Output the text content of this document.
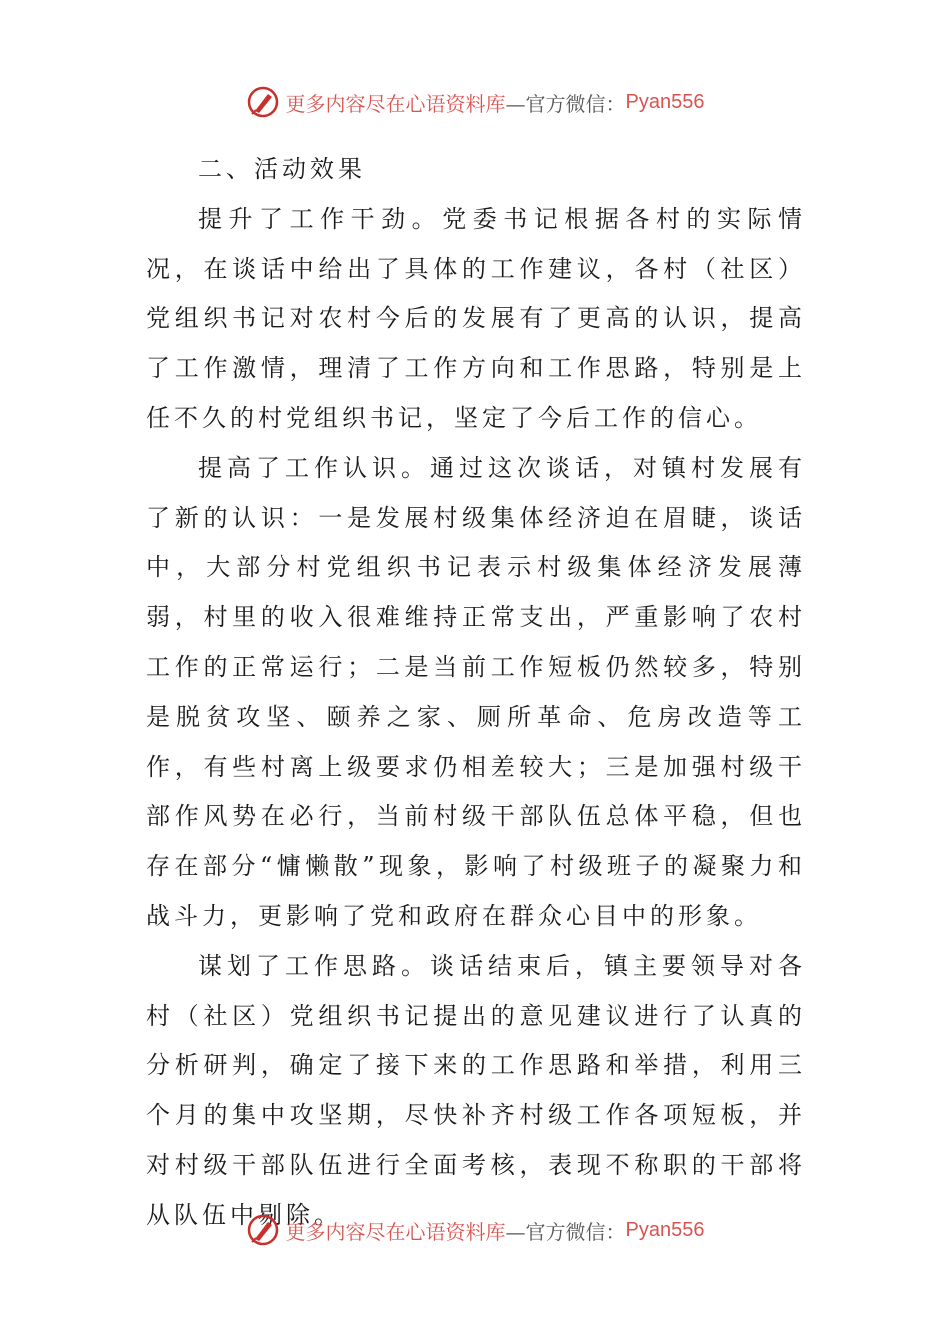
更多内容尽在心语资料库 —官方微信： Pyan556

二、活动效果

提升了工作干劲。党委书记根据各村的实际情况，在谈话中给出了具体的工作建议，各村（社区）党组织书记对农村今后的发展有了更高的认识，提高了工作激情，理清了工作方向和工作思路，特别是上任不久的村党组织书记，坚定了今后工作的信心。

提高了工作认识。通过这次谈话，对镇村发展有了新的认识：一是发展村级集体经济迫在眉睫，谈话中，大部分村党组织书记表示村级集体经济发展薄弱，村里的收入很难维持正常支出，严重影响了农村工作的正常运行；二是当前工作短板仍然较多，特别是脱贫攻坚、颐养之家、厕所革命、危房改造等工作，有些村离上级要求仍相差较大；三是加强村级干部作风势在必行，当前村级干部队伍总体平稳，但也存在部分“慵懒散”现象，影响了村级班子的凝聚力和战斗力，更影响了党和政府在群众心目中的形象。

谋划了工作思路。谈话结束后，镇主要领导对各村（社区）党组织书记提出的意见建议进行了认真的分析研判，确定了接下来的工作思路和举措，利用三个月的集中攻坚期，尽快补齐村级工作各项短板，并对村级干部队伍进行全面考核，表现不称职的干部将从队伍中剔除。

更多内容尽在心语资料库 —官方微信： Pyan556
